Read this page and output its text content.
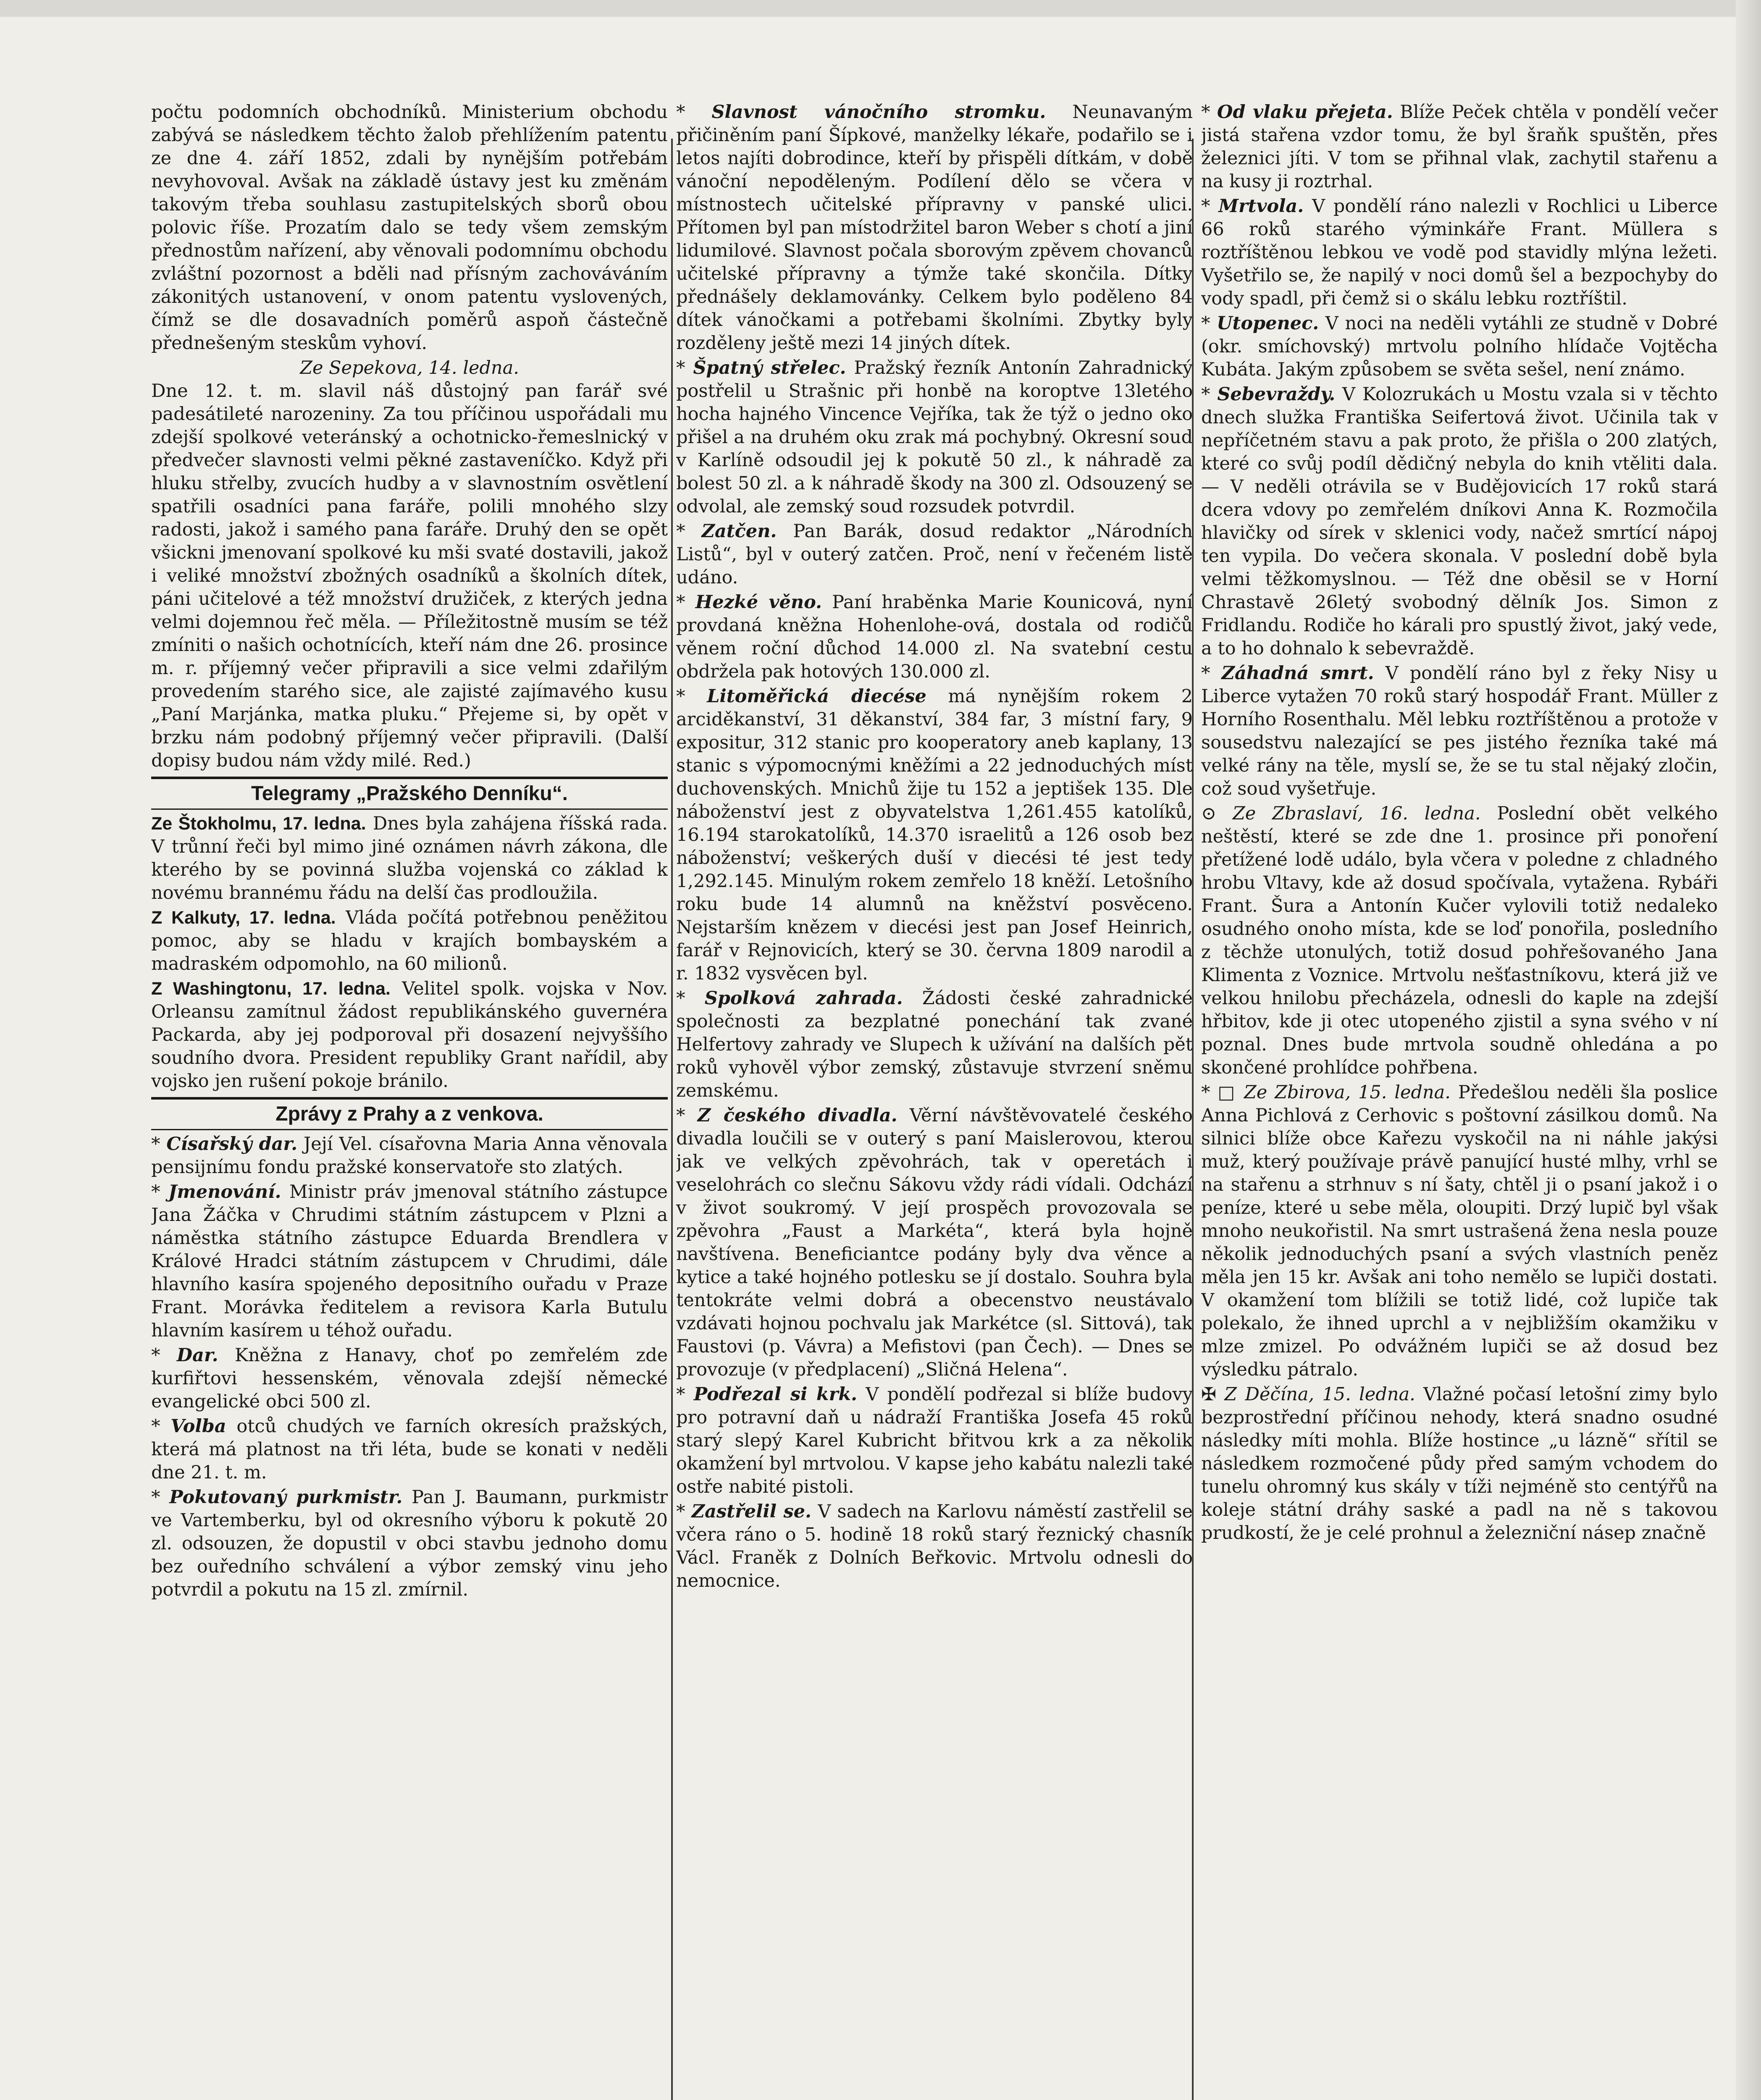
počtu podomních obchodníků. Ministerium obchodu zabývá se následkem těchto žalob přehlížením patentu ze dne 4. září 1852, zdali by nynějším potřebám nevyhovoval. Avšak na základě ústavy jest ku změnám takovým třeba souhlasu zastupitelských sborů obou polovic říše. Prozatím dalo se tedy všem zemským přednostům nařízení, aby věnovali podomnímu obchodu zvláštní pozornost a bděli nad přísným zachováváním zákonitých ustanovení, v onom patentu vyslovených, čímž se dle dosavadních poměrů aspoň částečně přednešeným steskům vyhoví.

Ze Sepekova, 14. ledna.

Dne 12. t. m. slavil náš důstojný pan farář své padesátileté narozeniny. Za tou příčinou uspořádali mu zdejší spolkové veteránský a ochotnicko-řemeslnický v předvečer slavnosti velmi pěkné zastaveníčko. Když při hluku střelby, zvucích hudby a v slavnostním osvětlení spatřili osadníci pana faráře, polili mnohého slzy radosti, jakož i samého pana faráře. Druhý den se opět všickni jmenovaní spolkové ku mši svaté dostavili, jakož i veliké množství zbožných osadníků a školních dítek, páni učitelové a též množství družiček, z kterých jedna velmi dojemnou řeč měla. — Příležitostně musím se též zmíniti o našich ochotnících, kteří nám dne 26. prosince m. r. příjemný večer připravili a sice velmi zdařilým provedením starého sice, ale zajisté zajímavého kusu „Paní Marjánka, matka pluku.“ Přejeme si, by opět v brzku nám podobný příjemný večer připravili. (Další dopisy budou nám vždy milé. Red.)

Telegramy „Pražského Denníku“.

Ze Štokholmu, 17. ledna. Dnes byla zahájena říšská rada. V trůnní řeči byl mimo jiné oznámen návrh zákona, dle kterého by se povinná služba vojenská co základ k novému brannému řádu na delší čas prodloužila.

Z Kalkuty, 17. ledna. Vláda počítá potřebnou peněžitou pomoc, aby se hladu v krajích bombayském a madraském odpomohlo, na 60 milionů.

Z Washingtonu, 17. ledna. Velitel spolk. vojska v Nov. Orleansu zamítnul žádost republikánského guvernéra Packarda, aby jej podporoval při dosazení nejvyššího soudního dvora. President republiky Grant nařídil, aby vojsko jen rušení pokoje bránilo.

Zprávy z Prahy a z venkova.

* Císařský dar. Její Vel. císařovna Maria Anna věnovala pensijnímu fondu pražské konservatoře sto zlatých.

* Jmenování. Ministr práv jmenoval státního zástupce Jana Žáčka v Chrudimi státním zástupcem v Plzni a náměstka státního zástupce Eduarda Brendlera v Králové Hradci státním zástupcem v Chrudimi, dále hlavního kasíra spojeného depositního ouřadu v Praze Frant. Morávka ředitelem a revisora Karla Butulu hlavním kasírem u téhož ouřadu.

* Dar. Kněžna z Hanavy, choť po zemřelém zde kurfiřtovi hessenském, věnovala zdejší německé evangelické obci 500 zl.

* Volba otců chudých ve farních okresích pražských, která má platnost na tři léta, bude se konati v neděli dne 21. t. m.

* Pokutovaný purkmistr. Pan J. Baumann, purkmistr ve Vartemberku, byl od okresního výboru k pokutě 20 zl. odsouzen, že dopustil v obci stavbu jednoho domu bez ouředního schválení a výbor zemský vinu jeho potvrdil a pokutu na 15 zl. zmírnil.

* Slavnost vánočního stromku. Neunavaným přičiněním paní Šípkové, manželky lékaře, podařilo se i letos najíti dobrodince, kteří by přispěli dítkám, v době vánoční nepoděleným. Podílení dělo se včera v místnostech učitelské přípravny v panské ulici. Přítomen byl pan místodržitel baron Weber s chotí a jiní lidumilové. Slavnost počala sborovým zpěvem chovanců učitelské přípravny a týmže také skončila. Dítky přednášely deklamovánky. Celkem bylo poděleno 84 dítek vánočkami a potřebami školními. Zbytky byly rozděleny ještě mezi 14 jiných dítek.

* Špatný střelec. Pražský řezník Antonín Zahradnický postřelil u Strašnic při honbě na koroptve 13letého hocha hajného Vincence Vejříka, tak že týž o jedno oko přišel a na druhém oku zrak má pochybný. Okresní soud v Karlíně odsoudil jej k pokutě 50 zl., k náhradě za bolest 50 zl. a k náhradě škody na 300 zl. Odsouzený se odvolal, ale zemský soud rozsudek potvrdil.

* Zatčen. Pan Barák, dosud redaktor „Národních Listů“, byl v outerý zatčen. Proč, není v řečeném listě udáno.

* Hezké věno. Paní hraběnka Marie Kounicová, nyní provdaná kněžna Hohenlohe-ová, dostala od rodičů věnem roční důchod 14.000 zl. Na svatební cestu obdržela pak hotových 130.000 zl.

* Litoměřická diecése má nynějším rokem 2 arciděkanství, 31 děkanství, 384 far, 3 místní fary, 9 expositur, 312 stanic pro kooperatory aneb kaplany, 13 stanic s výpomocnými kněžími a 22 jednoduchých míst duchovenských. Mnichů žije tu 152 a jeptišek 135. Dle náboženství jest z obyvatelstva 1,261.455 katolíků, 16.194 starokatolíků, 14.370 israelitů a 126 osob bez náboženství; veškerých duší v diecési té jest tedy 1,292.145. Minulým rokem zemřelo 18 kněží. Letošního roku bude 14 alumnů na kněžství posvěceno. Nejstarším knězem v diecési jest pan Josef Heinrich, farář v Rejnovicích, který se 30. června 1809 narodil a r. 1832 vysvěcen byl.

* Spolková zahrada. Žádosti české zahradnické společnosti za bezplatné ponechání tak zvané Helfertovy zahrady ve Slupech k užívání na dalších pět roků vyhověl výbor zemský, zůstavuje stvrzení sněmu zemskému.

* Z českého divadla. Věrní návštěvovatelé českého divadla loučili se v outerý s paní Maislerovou, kterou jak ve velkých zpěvohrách, tak v operetách i veselohrách co slečnu Sákovu vždy rádi vídali. Odchází v život soukromý. V její prospěch provozovala se zpěvohra „Faust a Markéta“, která byla hojně navštívena. Beneficiantce podány byly dva věnce a kytice a také hojného potlesku se jí dostalo. Souhra byla tentokráte velmi dobrá a obecenstvo neustávalo vzdávati hojnou pochvalu jak Markétce (sl. Sittová), tak Faustovi (p. Vávra) a Mefistovi (pan Čech). — Dnes se provozuje (v předplacení) „Sličná Helena“.

* Podřezal si krk. V pondělí podřezal si blíže budovy pro potravní daň u nádraží Františka Josefa 45 roků starý slepý Karel Kubricht břitvou krk a za několik okamžení byl mrtvolou. V kapse jeho kabátu nalezli také ostře nabité pistoli.

* Zastřelil se. V sadech na Karlovu náměstí zastřelil se včera ráno o 5. hodině 18 roků starý řeznický chasník Václ. Franěk z Dolních Beřkovic. Mrtvolu odnesli do nemocnice.

* Od vlaku přejeta. Blíže Peček chtěla v pondělí večer jistá stařena vzdor tomu, že byl šraňk spuštěn, přes železnici jíti. V tom se přihnal vlak, zachytil stařenu a na kusy ji roztrhal.

* Mrtvola. V pondělí ráno nalezli v Rochlici u Liberce 66 roků starého výminkáře Frant. Müllera s roztříštěnou lebkou ve vodě pod stavidly mlýna ležeti. Vyšetřilo se, že napilý v noci domů šel a bezpochyby do vody spadl, při čemž si o skálu lebku roztříštil.

* Utopenec. V noci na neděli vytáhli ze studně v Dobré (okr. smíchovský) mrtvolu polního hlídače Vojtěcha Kubáta. Jakým způsobem se světa sešel, není známo.

* Sebevraždy. V Kolozrukách u Mostu vzala si v těchto dnech služka Františka Seifertová život. Učinila tak v nepříčetném stavu a pak proto, že přišla o 200 zlatých, které co svůj podíl dědičný nebyla do knih vtěliti dala. — V neděli otrávila se v Budějovicích 17 roků stará dcera vdovy po zemřelém dníkovi Anna K. Rozmočila hlavičky od sírek v sklenici vody, načež smrtící nápoj ten vypila. Do večera skonala. V poslední době byla velmi těžkomyslnou. — Též dne oběsil se v Horní Chrastavě 26letý svobodný dělník Jos. Simon z Fridlandu. Rodiče ho kárali pro spustlý život, jaký vede, a to ho dohnalo k sebevraždě.

* Záhadná smrt. V pondělí ráno byl z řeky Nisy u Liberce vytažen 70 roků starý hospodář Frant. Müller z Horního Rosenthalu. Měl lebku roztříštěnou a protože v sousedstvu nalezající se pes jistého řezníka také má velké rány na těle, myslí se, že se tu stal nějaký zločin, což soud vyšetřuje.

⊙ Ze Zbraslaví, 16. ledna. Poslední obět velkého neštěstí, které se zde dne 1. prosince při ponoření přetížené lodě událo, byla včera v poledne z chladného hrobu Vltavy, kde až dosud spočívala, vytažena. Rybáři Frant. Šura a Antonín Kučer vylovili totiž nedaleko osudného onoho místa, kde se loď ponořila, posledního z těchže utonulých, totiž dosud pohřešovaného Jana Klimenta z Voznice. Mrtvolu nešťastníkovu, která již ve velkou hnilobu přecházela, odnesli do kaple na zdejší hřbitov, kde ji otec utopeného zjistil a syna svého v ní poznal. Dnes bude mrtvola soudně ohledána a po skončené prohlídce pohřbena.

* □ Ze Zbirova, 15. ledna. Předešlou neděli šla poslice Anna Pichlová z Cerhovic s poštovní zásilkou domů. Na silnici blíže obce Kařezu vyskočil na ni náhle jakýsi muž, který používaje právě panující husté mlhy, vrhl se na stařenu a strhnuv s ní šaty, chtěl ji o psaní jakož i o peníze, které u sebe měla, oloupiti. Drzý lupič byl však mnoho neukořistil. Na smrt ustrašená žena nesla pouze několik jednoduchých psaní a svých vlastních peněz měla jen 15 kr. Avšak ani toho nemělo se lupiči dostati. V okamžení tom blížili se totiž lidé, což lupiče tak polekalo, že ihned uprchl a v nejbližším okamžiku v mlze zmizel. Po odvážném lupiči se až dosud bez výsledku pátralo.

✠ Z Děčína, 15. ledna. Vlažné počasí letošní zimy bylo bezprostřední příčinou nehody, která snadno osudné následky míti mohla. Blíže hostince „u lázně“ sřítil se následkem rozmočené půdy před samým vchodem do tunelu ohromný kus skály v tíži nejméně sto centýřů na koleje státní dráhy saské a padl na ně s takovou prudkostí, že je celé prohnul a železniční násep značně
